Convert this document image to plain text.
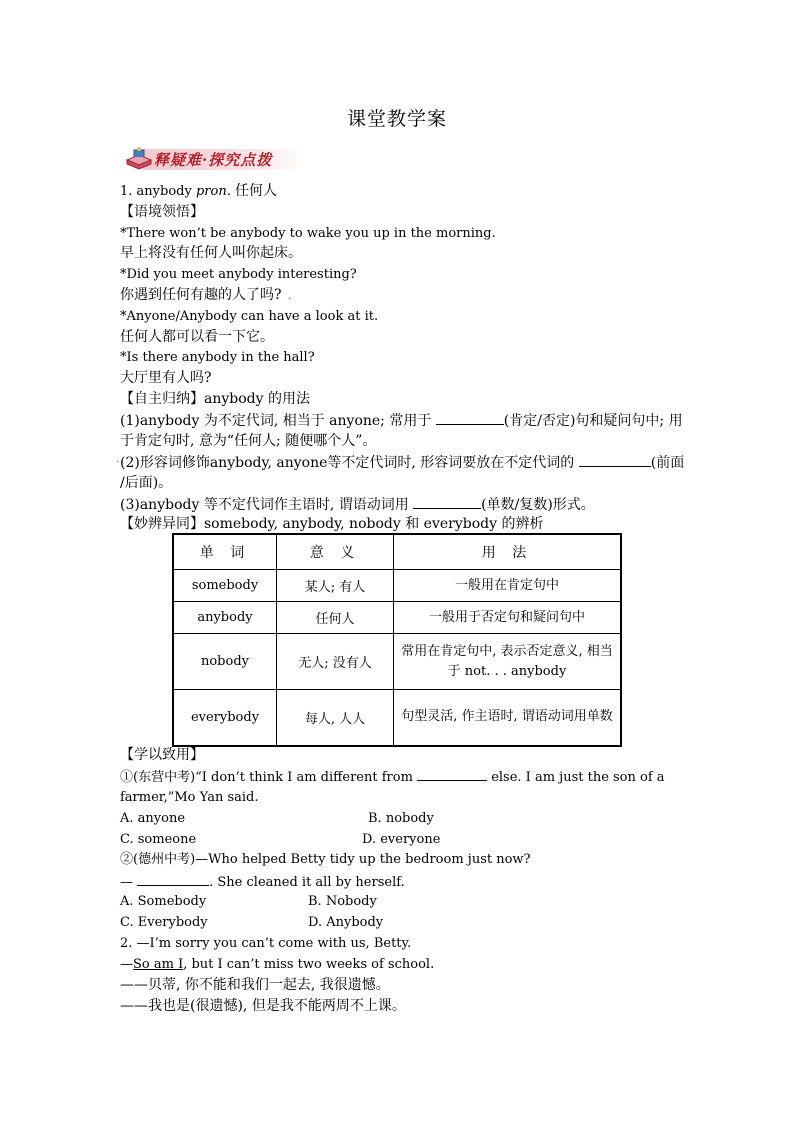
课堂教学案
释疑难·探究点拨
1. anybody pron. 任何人
【语境领悟】
*There won’t be anybody to wake you up in the morning.
早上将没有任何人叫你起床。
*Did you meet anybody interesting?
你遇到任何有趣的人了吗? .
*Anyone/Anybody can have a look at it.
任何人都可以看一下它。
*Is there anybody in the hall?
大厅里有人吗?
【自主归纳】anybody 的用法
(1)anybody 为不定代词, 相当于 anyone; 常用于	(肯定/否定)句和疑问句中; 用
于肯定句时, 意为“任何人; 随便哪个人”。
(2)形容词修饰anybody, anyone等不定代词时, 形容词要放在不定代词的	(前面
.
/后面)。
(3)anybody 等不定代词作主语时, 谓语动词用	(单数/复数)形式。
【妙辨异同】somebody, anybody, nobody 和 everybody 的辨析
单 词	意 义	用 法
somebody	某人; 有人	一般用在肯定句中
anybody	任何人	一般用于否定句和疑问句中
nobody	无人; 没有人	常用在肯定句中, 表示否定意义, 相当于 not. . . anybody
everybody	每人, 人人	句型灵活, 作主语时, 谓语动词用单数
【学以致用】
①(东营中考)“I don’t think I am different from	else. I am just the son of a
farmer,”Mo Yan said.
A. anyone	B. nobody
C. someone	D. everyone
②(德州中考)—Who helped Betty tidy up the bedroom just now?
—	. She cleaned it all by herself.
A. Somebody	B. Nobody
C. Everybody	D. Anybody
2. —I’m sorry you can’t come with us, Betty.
—So am I, but I can’t miss two weeks of school.
——贝蒂, 你不能和我们一起去, 我很遗憾。
——我也是(很遗憾), 但是我不能两周不上课。
